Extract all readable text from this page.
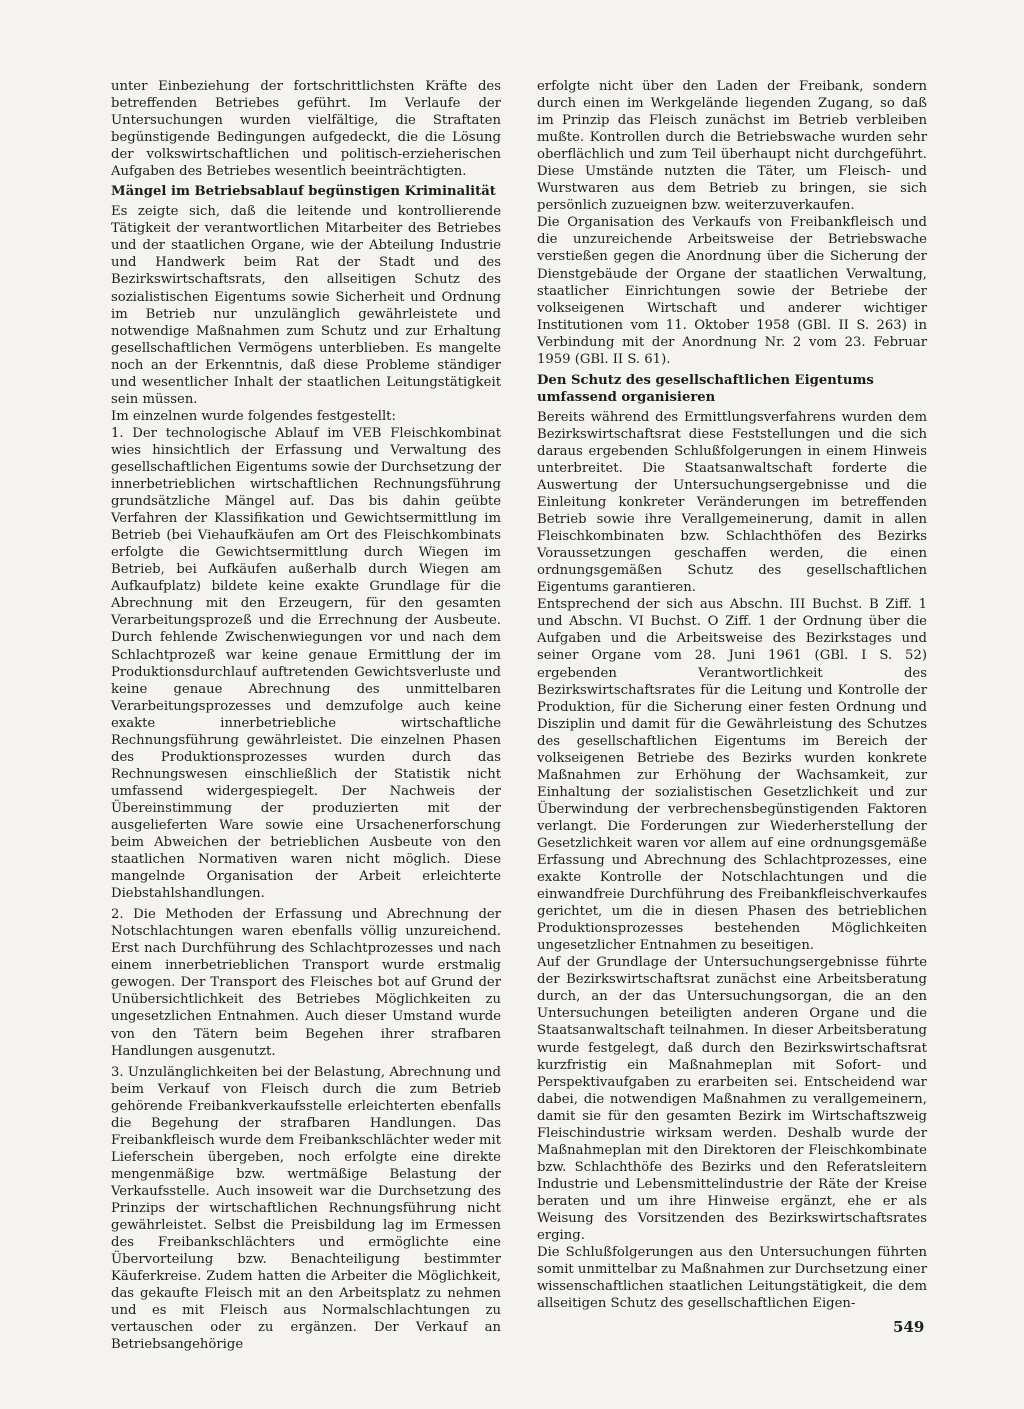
unter Einbeziehung der fortschrittlichsten Kräfte des betreffenden Betriebes geführt. Im Verlaufe der Untersuchungen wurden vielfältige, die Straftaten begünstigende Bedingungen aufgedeckt, die die Lösung der volkswirtschaftlichen und politisch-erzieherischen Aufgaben des Betriebes wesentlich beeinträchtigten.

Mängel im Betriebsablauf begünstigen Kriminalität

Es zeigte sich, daß die leitende und kontrollierende Tätigkeit der verantwortlichen Mitarbeiter des Betriebes und der staatlichen Organe, wie der Abteilung Industrie und Handwerk beim Rat der Stadt und des Bezirkswirtschaftsrats, den allseitigen Schutz des sozialistischen Eigentums sowie Sicherheit und Ordnung im Betrieb nur unzulänglich gewährleistete und notwendige Maßnahmen zum Schutz und zur Erhaltung gesellschaftlichen Vermögens unterblieben. Es mangelte noch an der Erkenntnis, daß diese Probleme ständiger und wesentlicher Inhalt der staatlichen Leitungstätigkeit sein müssen.

Im einzelnen wurde folgendes festgestellt:

1. Der technologische Ablauf im VEB Fleischkombinat wies hinsichtlich der Erfassung und Verwaltung des gesellschaftlichen Eigentums sowie der Durchsetzung der innerbetrieblichen wirtschaftlichen Rechnungsführung grundsätzliche Mängel auf. Das bis dahin geübte Verfahren der Klassifikation und Gewichtsermittlung im Betrieb (bei Viehaufkäufen am Ort des Fleischkombinats erfolgte die Gewichtsermittlung durch Wiegen im Betrieb, bei Aufkäufen außerhalb durch Wiegen am Aufkaufplatz) bildete keine exakte Grundlage für die Abrechnung mit den Erzeugern, für den gesamten Verarbeitungsprozeß und die Errechnung der Ausbeute. Durch fehlende Zwischenwiegungen vor und nach dem Schlachtprozeß war keine genaue Ermittlung der im Produktionsdurchlauf auftretenden Gewichtsverluste und keine genaue Abrechnung des unmittelbaren Verarbeitungsprozesses und demzufolge auch keine exakte innerbetriebliche wirtschaftliche Rechnungsführung gewährleistet. Die einzelnen Phasen des Produktionsprozesses wurden durch das Rechnungswesen einschließlich der Statistik nicht umfassend widergespiegelt. Der Nachweis der Übereinstimmung der produzierten mit der ausgelieferten Ware sowie eine Ursachenerforschung beim Abweichen der betrieblichen Ausbeute von den staatlichen Normativen waren nicht möglich. Diese mangelnde Organisation der Arbeit erleichterte Diebstahlshandlungen.

2. Die Methoden der Erfassung und Abrechnung der Notschlachtungen waren ebenfalls völlig unzureichend. Erst nach Durchführung des Schlachtprozesses und nach einem innerbetrieblichen Transport wurde erstmalig gewogen. Der Transport des Fleisches bot auf Grund der Unübersichtlichkeit des Betriebes Möglichkeiten zu ungesetzlichen Entnahmen. Auch dieser Umstand wurde von den Tätern beim Begehen ihrer strafbaren Handlungen ausgenutzt.

3. Unzulänglichkeiten bei der Belastung, Abrechnung und beim Verkauf von Fleisch durch die zum Betrieb gehörende Freibankverkaufsstelle erleichterten ebenfalls die Begehung der strafbaren Handlungen. Das Freibankfleisch wurde dem Freibankschlächter weder mit Lieferschein übergeben, noch erfolgte eine direkte mengenmäßige bzw. wertmäßige Belastung der Verkaufsstelle. Auch insoweit war die Durchsetzung des Prinzips der wirtschaftlichen Rechnungsführung nicht gewährleistet. Selbst die Preisbildung lag im Ermessen des Freibankschlächters und ermöglichte eine Übervorteilung bzw. Benachteiligung bestimmter Käuferkreise. Zudem hatten die Arbeiter die Möglichkeit, das gekaufte Fleisch mit an den Arbeitsplatz zu nehmen und es mit Fleisch aus Normalschlachtungen zu vertauschen oder zu ergänzen. Der Verkauf an Betriebsangehörige

erfolgte nicht über den Laden der Freibank, sondern durch einen im Werkgelände liegenden Zugang, so daß im Prinzip das Fleisch zunächst im Betrieb verbleiben mußte. Kontrollen durch die Betriebswache wurden sehr oberflächlich und zum Teil überhaupt nicht durchgeführt. Diese Umstände nutzten die Täter, um Fleisch- und Wurstwaren aus dem Betrieb zu bringen, sie sich persönlich zuzueignen bzw. weiterzuverkaufen.

Die Organisation des Verkaufs von Freibankfleisch und die unzureichende Arbeitsweise der Betriebswache verstießen gegen die Anordnung über die Sicherung der Dienstgebäude der Organe der staatlichen Verwaltung, staatlicher Einrichtungen sowie der Betriebe der volkseigenen Wirtschaft und anderer wichtiger Institutionen vom 11. Oktober 1958 (GBl. II S. 263) in Verbindung mit der Anordnung Nr. 2 vom 23. Februar 1959 (GBl. II S. 61).

Den Schutz des gesellschaftlichen Eigentums umfassend organisieren

Bereits während des Ermittlungsverfahrens wurden dem Bezirkswirtschaftsrat diese Feststellungen und die sich daraus ergebenden Schlußfolgerungen in einem Hinweis unterbreitet. Die Staatsanwaltschaft forderte die Auswertung der Untersuchungsergebnisse und die Einleitung konkreter Veränderungen im betreffenden Betrieb sowie ihre Verallgemeinerung, damit in allen Fleischkombinaten bzw. Schlachthöfen des Bezirks Voraussetzungen geschaffen werden, die einen ordnungsgemäßen Schutz des gesellschaftlichen Eigentums garantieren.

Entsprechend der sich aus Abschn. III Buchst. B Ziff. 1 und Abschn. VI Buchst. O Ziff. 1 der Ordnung über die Aufgaben und die Arbeitsweise des Bezirkstages und seiner Organe vom 28. Juni 1961 (GBl. I S. 52) ergebenden Verantwortlichkeit des Bezirkswirtschaftsrates für die Leitung und Kontrolle der Produktion, für die Sicherung einer festen Ordnung und Disziplin und damit für die Gewährleistung des Schutzes des gesellschaftlichen Eigentums im Bereich der volkseigenen Betriebe des Bezirks wurden konkrete Maßnahmen zur Erhöhung der Wachsamkeit, zur Einhaltung der sozialistischen Gesetzlichkeit und zur Überwindung der verbrechensbegünstigenden Faktoren verlangt. Die Forderungen zur Wiederherstellung der Gesetzlichkeit waren vor allem auf eine ordnungsgemäße Erfassung und Abrechnung des Schlachtprozesses, eine exakte Kontrolle der Notschlachtungen und die einwandfreie Durchführung des Freibankfleischverkaufes gerichtet, um die in diesen Phasen des betrieblichen Produktionsprozesses bestehenden Möglichkeiten ungesetzlicher Entnahmen zu beseitigen.

Auf der Grundlage der Untersuchungsergebnisse führte der Bezirkswirtschaftsrat zunächst eine Arbeitsberatung durch, an der das Untersuchungsorgan, die an den Untersuchungen beteiligten anderen Organe und die Staatsanwaltschaft teilnahmen. In dieser Arbeitsberatung wurde festgelegt, daß durch den Bezirkswirtschaftsrat kurzfristig ein Maßnahmeplan mit Sofort- und Perspektivaufgaben zu erarbeiten sei. Entscheidend war dabei, die notwendigen Maßnahmen zu verallgemeinern, damit sie für den gesamten Bezirk im Wirtschaftszweig Fleischindustrie wirksam werden. Deshalb wurde der Maßnahmeplan mit den Direktoren der Fleischkombinate bzw. Schlachthöfe des Bezirks und den Referatsleitern Industrie und Lebensmittelindustrie der Räte der Kreise beraten und um ihre Hinweise ergänzt, ehe er als Weisung des Vorsitzenden des Bezirkswirtschaftsrates erging.

Die Schlußfolgerungen aus den Untersuchungen führten somit unmittelbar zu Maßnahmen zur Durchsetzung einer wissenschaftlichen staatlichen Leitungstätigkeit, die dem allseitigen Schutz des gesellschaftlichen Eigen-

549
